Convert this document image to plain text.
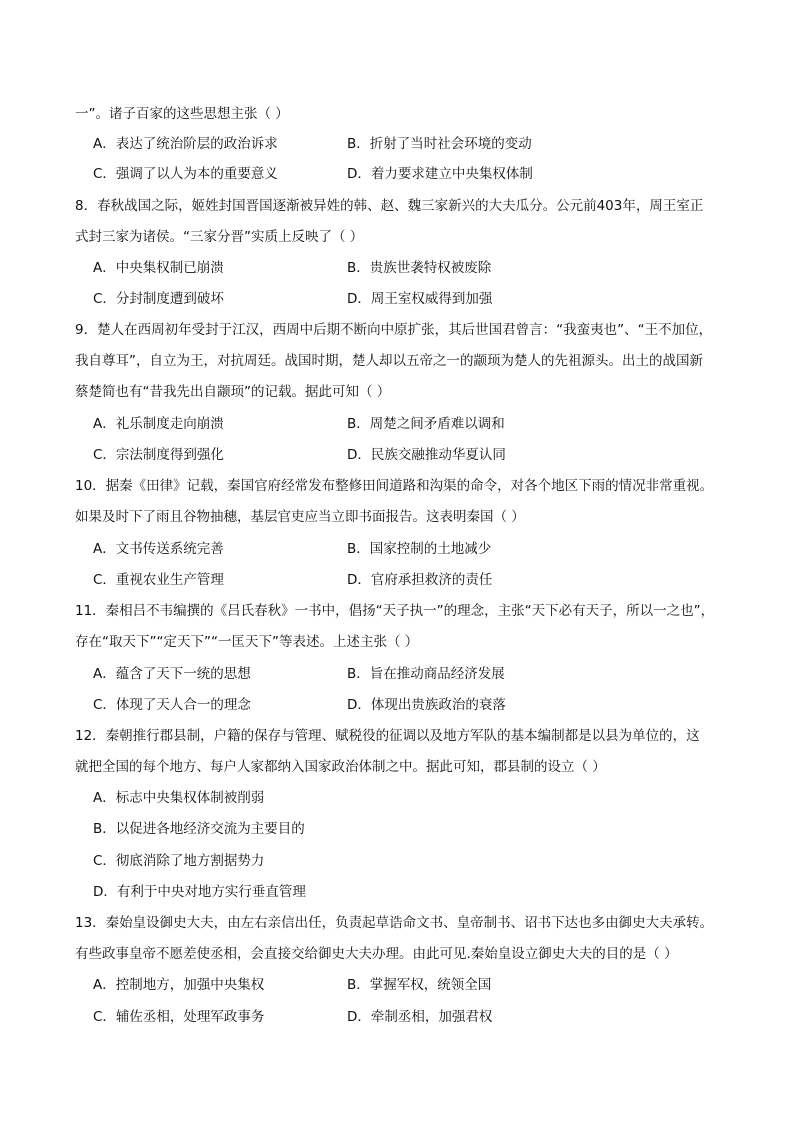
一”。诸子百家的这些思想主张（ ）
A．表达了统治阶层的政治诉求	B．折射了当时社会环境的变动
C．强调了以人为本的重要意义	D．着力要求建立中央集权体制
8．春秋战国之际，姬姓封国晋国逐渐被异姓的韩、赵、魏三家新兴的大夫瓜分。公元前403年，周王室正
式封三家为诸侯。“三家分晋”实质上反映了（ ）
A．中央集权制已崩溃	B．贵族世袭特权被废除
C．分封制度遭到破坏	D．周王室权威得到加强
9．楚人在西周初年受封于江汉，西周中后期不断向中原扩张，其后世国君曾言：“我蛮夷也”、“王不加位，
我自尊耳”，自立为王，对抗周廷。战国时期，楚人却以五帝之一的颛顼为楚人的先祖源头。出土的战国新
蔡楚简也有“昔我先出自颛顼”的记载。据此可知（ ）
A．礼乐制度走向崩溃	B．周楚之间矛盾难以调和
C．宗法制度得到强化	D．民族交融推动华夏认同
10．据秦《田律》记载，秦国官府经常发布整修田间道路和沟渠的命令，对各个地区下雨的情况非常重视。
如果及时下了雨且谷物抽穗，基层官吏应当立即书面报告。这表明秦国（ ）
A．文书传送系统完善	B．国家控制的土地减少
C．重视农业生产管理	D．官府承担救济的责任
11．秦相吕不韦编撰的《吕氏春秋》一书中，倡扬“天子执一”的理念，主张“天下必有天子，所以一之也”，
存在“取天下”“定天下”“一匡天下”等表述。上述主张（ ）
A．蕴含了天下一统的思想	B．旨在推动商品经济发展
C．体现了天人合一的理念	D．体现出贵族政治的衰落
12．秦朝推行郡县制，户籍的保存与管理、赋税役的征调以及地方军队的基本编制都是以县为单位的，这
就把全国的每个地方、每户人家都纳入国家政治体制之中。据此可知，郡县制的设立（ ）
A．标志中央集权体制被削弱
B．以促进各地经济交流为主要目的
C．彻底消除了地方割据势力
D．有利于中央对地方实行垂直管理
13．秦始皇设御史大夫，由左右亲信出任，负责起草诰命文书、皇帝制书、诏书下达也多由御史大夫承转。
有些政事皇帝不愿差使丞相，会直接交给御史大夫办理。由此可见.秦始皇设立御史大夫的目的是（ ）
A．控制地方，加强中央集权	B．掌握军权，统领全国
C．辅佐丞相，处理军政事务	D．牵制丞相，加强君权
